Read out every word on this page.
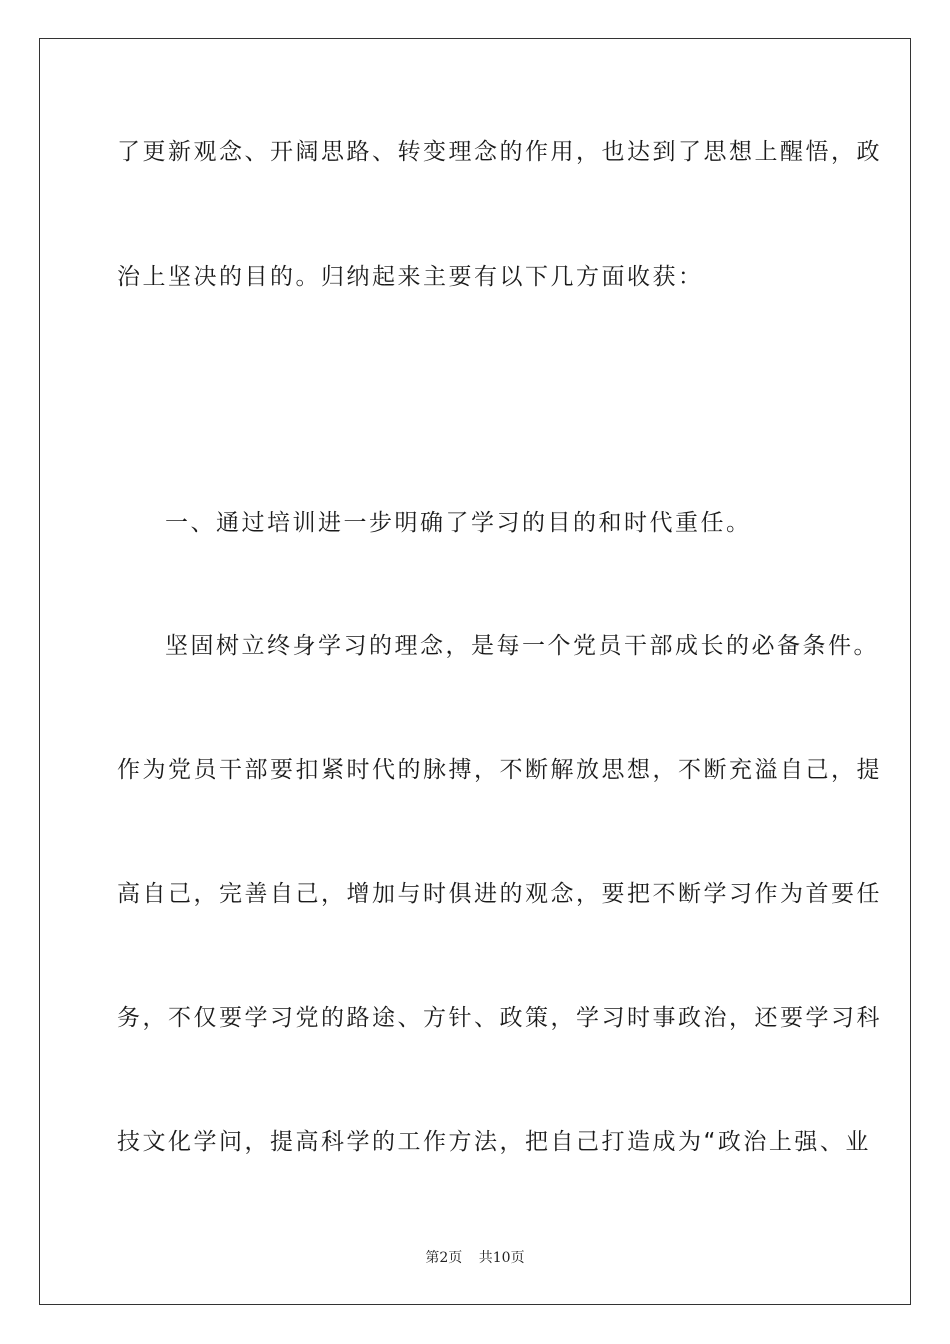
了更新观念、开阔思路、转变理念的作用，也达到了思想上醒悟，政
治上坚决的目的。归纳起来主要有以下几方面收获：
一、通过培训进一步明确了学习的目的和时代重任。
坚固树立终身学习的理念，是每一个党员干部成长的必备条件。
作为党员干部要扣紧时代的脉搏，不断解放思想，不断充溢自己，提
高自己，完善自己，增加与时俱进的观念，要把不断学习作为首要任
务，不仅要学习党的路途、方针、政策，学习时事政治，还要学习科
技文化学问，提高科学的工作方法，把自己打造成为“政治上强、业
第2页 共10页
